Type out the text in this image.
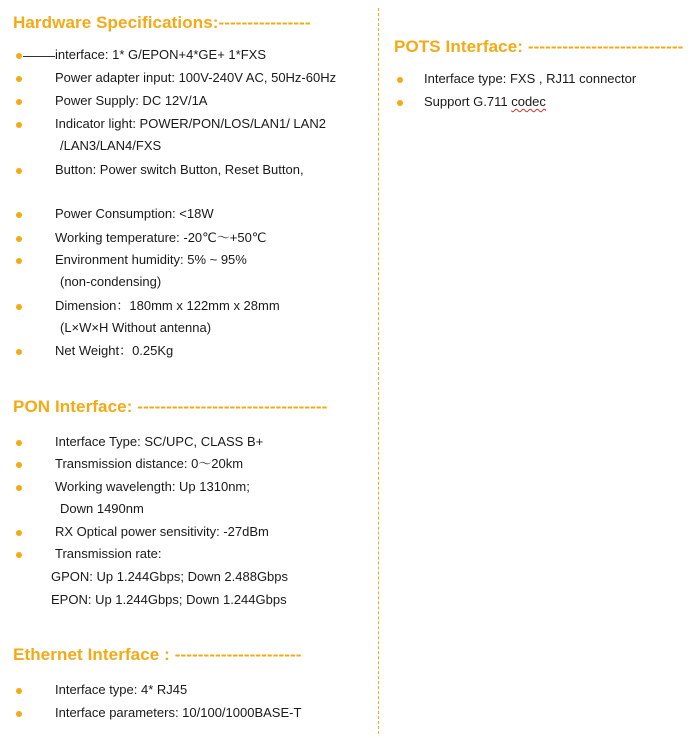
Hardware Specifications:----------------
interface: 1* G/EPON+4*GE+ 1*FXS
Power adapter input: 100V-240V AC, 50Hz-60Hz
Power Supply: DC 12V/1A
Indicator light: POWER/PON/LOS/LAN1/ LAN2
/LAN3/LAN4/FXS
Button: Power switch Button, Reset Button,
Power Consumption: <18W
Working temperature: -20℃～+50℃
Environment humidity: 5% ~ 95%
(non-condensing)
Dimension：180mm x 122mm x 28mm
(L×W×H Without antenna)
Net Weight：0.25Kg
PON Interface: ---------------------------------
Interface Type: SC/UPC, CLASS B+
Transmission distance: 0～20km
Working wavelength: Up 1310nm;
Down 1490nm
RX Optical power sensitivity: -27dBm
Transmission rate:
GPON: Up 1.244Gbps; Down 2.488Gbps
EPON: Up 1.244Gbps; Down 1.244Gbps
Ethernet Interface : ----------------------
Interface type: 4* RJ45
Interface parameters: 10/100/1000BASE-T
POTS Interface: ---------------------------
Interface type: FXS , RJ11 connector
Support G.711 codec
